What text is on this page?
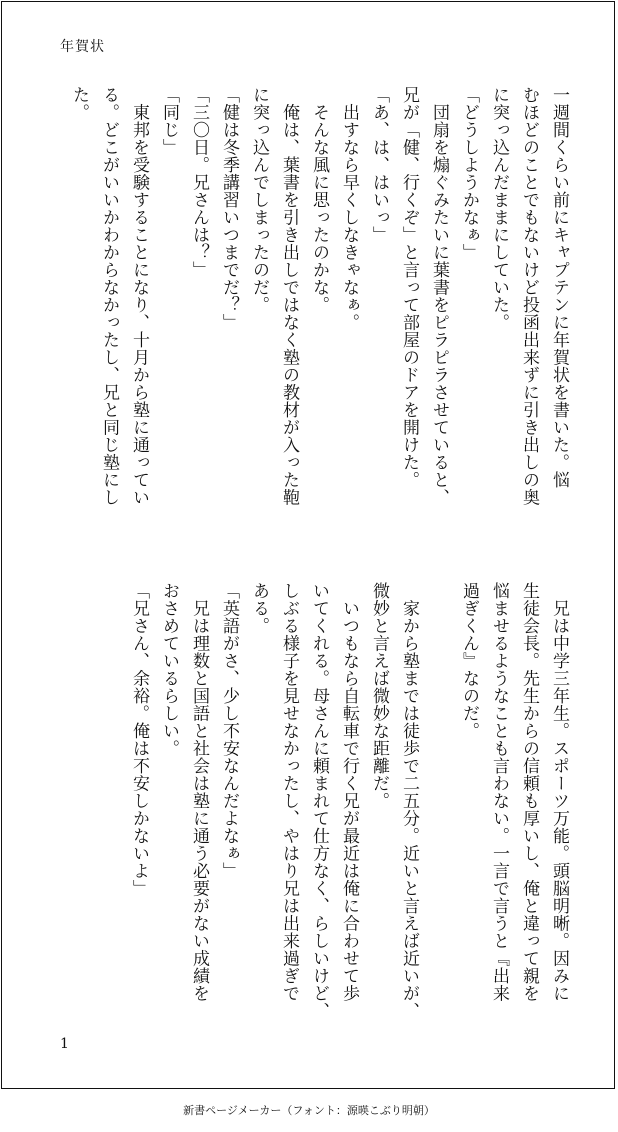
年賀状
一週間くらい前にキャプテンに年賀状を書いた。悩
むほどのことでもないけど投函出来ずに引き出しの奥
に突っ込んだままにしていた。
「どうしようかなぁ」
　団扇を煽ぐみたいに葉書をピラピラさせていると、
兄が「健、行くぞ」と言って部屋のドアを開けた。
「あ、は、はいっ」
　出すなら早くしなきゃなぁ。
　そんな風に思ったのかな。
　俺は、葉書を引き出しではなく塾の教材が入った鞄
に突っ込んでしまったのだ。
「健は冬季講習いつまでだ？」
「三〇日。兄さんは？」
「同じ」
　東邦を受験することになり、十月から塾に通ってい
る。どこがいいかわからなかったし、兄と同じ塾にし
た。
　兄は中学三年生。スポーツ万能。頭脳明晰。因みに
生徒会長。先生からの信頼も厚いし、俺と違って親を
悩ませるようなことも言わない。一言で言うと『出来
過ぎくん』なのだ。
　家から塾までは徒歩で二五分。近いと言えば近いが、
微妙と言えば微妙な距離だ。
　いつもなら自転車で行く兄が最近は俺に合わせて歩
いてくれる。母さんに頼まれて仕方なく、らしいけど、
しぶる様子を見せなかったし、やはり兄は出来過ぎで
ある。
「英語がさ、少し不安なんだよなぁ」
　兄は理数と国語と社会は塾に通う必要がない成績を
おさめているらしい。
「兄さん、余裕。俺は不安しかないよ」
1
新書ページメーカー（フォント：源暎こぶり明朝）
